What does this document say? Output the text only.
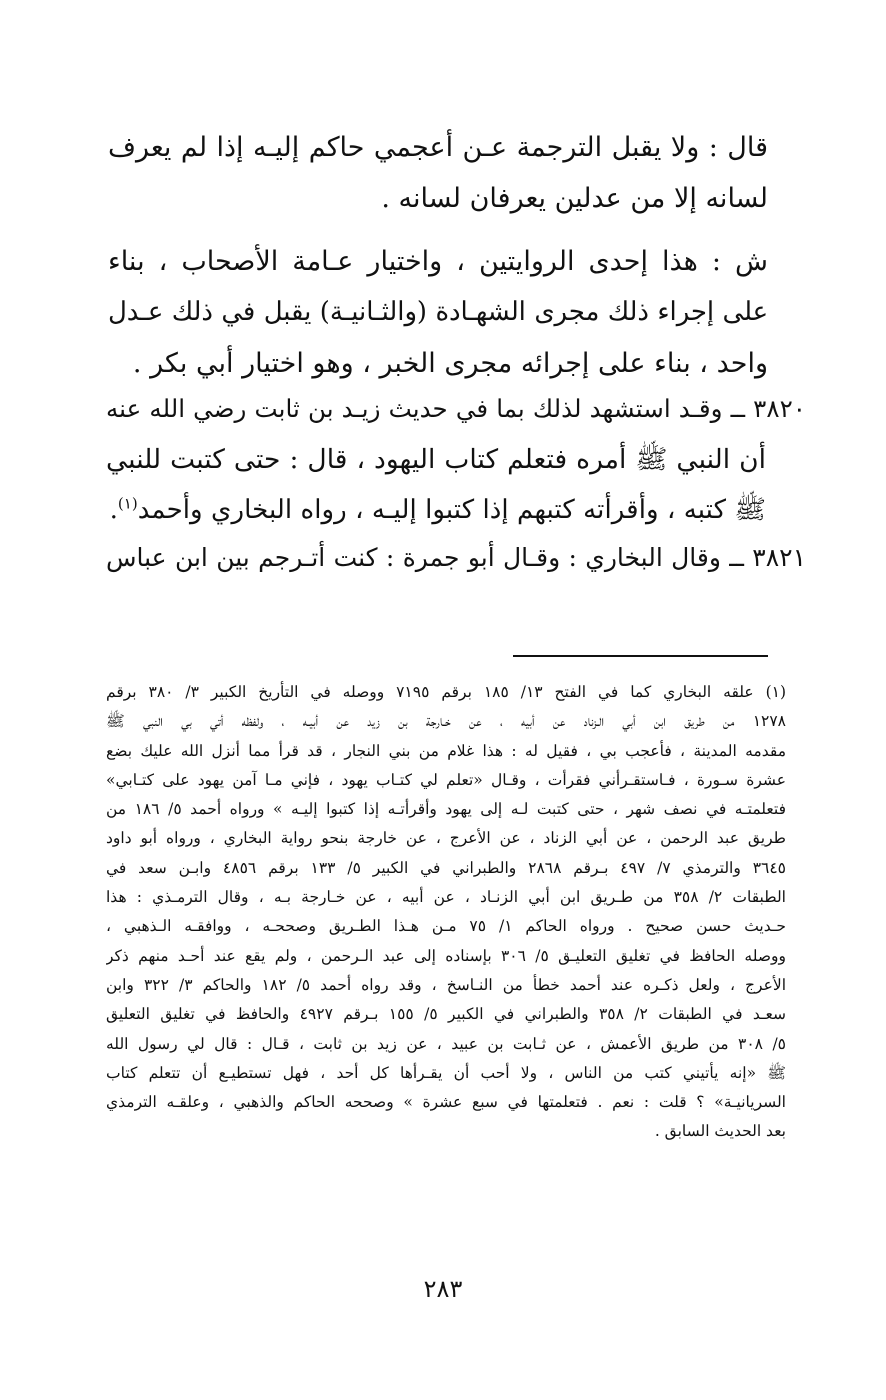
قال : ولا يقبل الترجمة عـن أعجمي حاكم إليـه إذا لم يعرف
لسانه إلا من عدلين يعرفان لسانه .
ش : هذا إحدى الروايتين ، واختيار عـامة الأصحاب ، بناء
على إجراء ذلك مجرى الشهـادة (والثـانيـة) يقبل في ذلك عـدل
واحد ، بناء على إجرائه مجرى الخبر ، وهو اختيار أبي بكر .
٣٨٢٠ ــ وقـد استشهد لذلك بما في حديث زيـد بن ثابت رضي الله عنه
أن النبي ﷺ أمره فتعلم كتاب اليهود ، قال : حتى كتبت للنبي
ﷺ كتبه ، وأقرأته كتبهم إذا كتبوا إليـه ، رواه البخاري وأحمد$^{(١)}$.
٣٨٢١ ــ وقال البخاري : وقـال أبو جمرة : كنت أتـرجم بين ابن عباس
(١) علقه البخاري كما في الفتح ١٣/ ١٨٥ برقم ٧١٩٥ ووصله في التأريخ الكبير ٣/ ٣٨٠ برقم
١٢٧٨ من طريق ابن أبي الـزناد عن أبيه ، عن خـارجة بن زيد عن أبيـه ، ولفظه أتي بي النبي ﷺ
مقدمه المدينة ، فأعجب بي ، فقيل له : هذا غلام من بني النجار ، قد قرأ مما أنزل الله عليك بضع
عشرة سـورة ، فـاستقـرأني فقرأت ، وقـال «تعلم لي كتـاب يهود ، فإني مـا آمن يهود على كتـابي»
فتعلمتـه في نصف شهر ، حتى كتبت لـه إلى يهود وأقرأتـه إذا كتبوا إليـه » ورواه أحمد ٥/ ١٨٦ من
طريق عبد الرحمن ، عن أبي الزناد ، عن الأعرج ، عن خارجة بنحو رواية البخاري ، ورواه أبو داود
٣٦٤٥ والترمذي ٧/ ٤٩٧ بـرقم ٢٨٦٨ والطبراني في الكبير ٥/ ١٣٣ برقم ٤٨٥٦ وابـن سعد في
الطبقات ٢/ ٣٥٨ من طـريق ابن أبي الزنـاد ، عن أبيه ، عن خـارجة بـه ، وقال الترمـذي : هذا
حـديث حسن صحيح . ورواه الحاكم ١/ ٧٥ مـن هـذا الطـريق وصححـه ، ووافقـه الـذهبي ،
ووصله الحافظ في تغليق التعليـق ٥/ ٣٠٦ بإسناده إلى عبد الـرحمن ، ولم يقع عند أحـد منهم ذكر
الأعرج ، ولعل ذكـره عند أحمد خطأ من النـاسخ ، وقد رواه أحمد ٥/ ١٨٢ والحاكم ٣/ ٣٢٢ وابن
سعـد في الطبقات ٢/ ٣٥٨ والطبراني في الكبير ٥/ ١٥٥ بـرقم ٤٩٢٧ والحافظ في تغليق التعليق
٥/ ٣٠٨ من طريق الأعمش ، عن ثـابت بن عبيد ، عن زيد بن ثابت ، قـال : قال لي رسول الله
ﷺ «إنه يأتيني كتب من الناس ، ولا أحب أن يقـرأها كل أحد ، فهل تستطيـع أن تتعلم كتاب
السريانيـة» ؟ قلت : نعم . فتعلمتها في سبع عشرة » وصححه الحاكم والذهبي ، وعلقـه الترمذي
بعد الحديث السابق .
٢٨٣
